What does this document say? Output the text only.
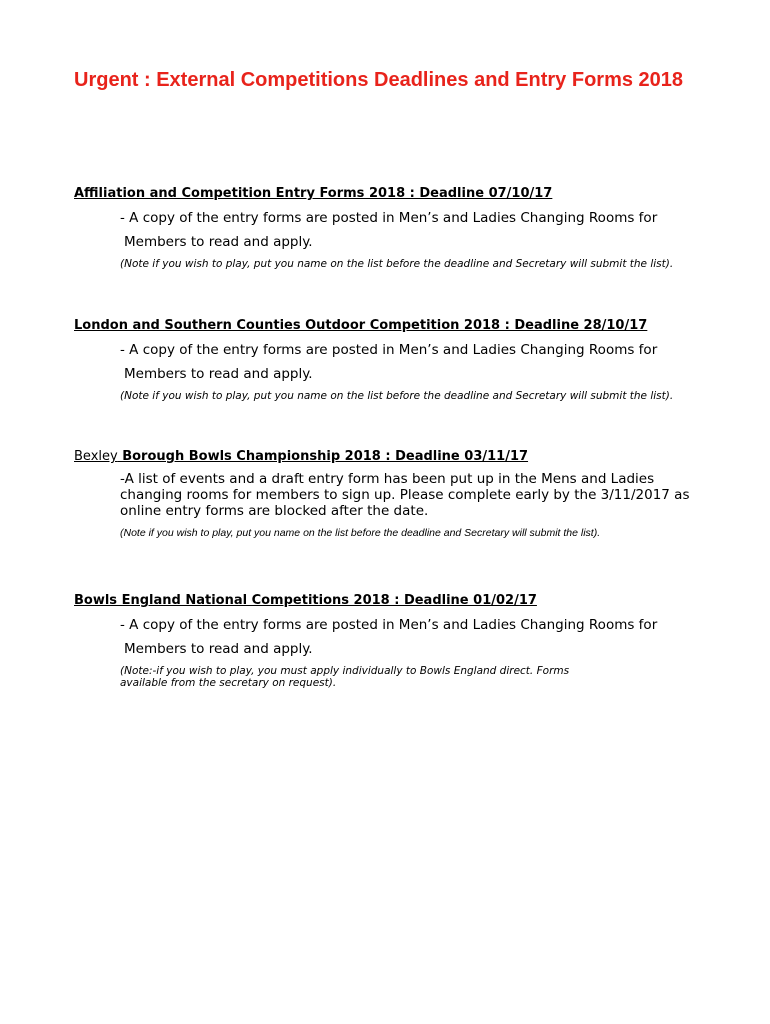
Urgent : External Competitions Deadlines and Entry Forms 2018

Affiliation and Competition Entry Forms 2018 : Deadline 07/10/17

- A copy of the entry forms are posted in Men’s and Ladies Changing Rooms for
Members to read and apply.
(Note if you wish to play, put you name on the list before the deadline and Secretary will submit the list).

London and Southern Counties Outdoor Competition 2018 : Deadline 28/10/17

- A copy of the entry forms are posted in Men’s and Ladies Changing Rooms for
Members to read and apply.
(Note if you wish to play, put you name on the list before the deadline and Secretary will submit the list).

Bexley Borough Bowls Championship 2018 : Deadline 03/11/17

-A list of events and a draft entry form has been put up in the Mens and Ladies changing rooms for members to sign up. Please complete early by the 3/11/2017 as online entry forms are blocked after the date.
(Note if you wish to play, put you name on the list before the deadline and Secretary will submit the list).

Bowls England National Competitions 2018 : Deadline 01/02/17

- A copy of the entry forms are posted in Men’s and Ladies Changing Rooms for
Members to read and apply.
(Note:-if you wish to play, you must apply individually to Bowls England direct. Forms available from the secretary on request).
